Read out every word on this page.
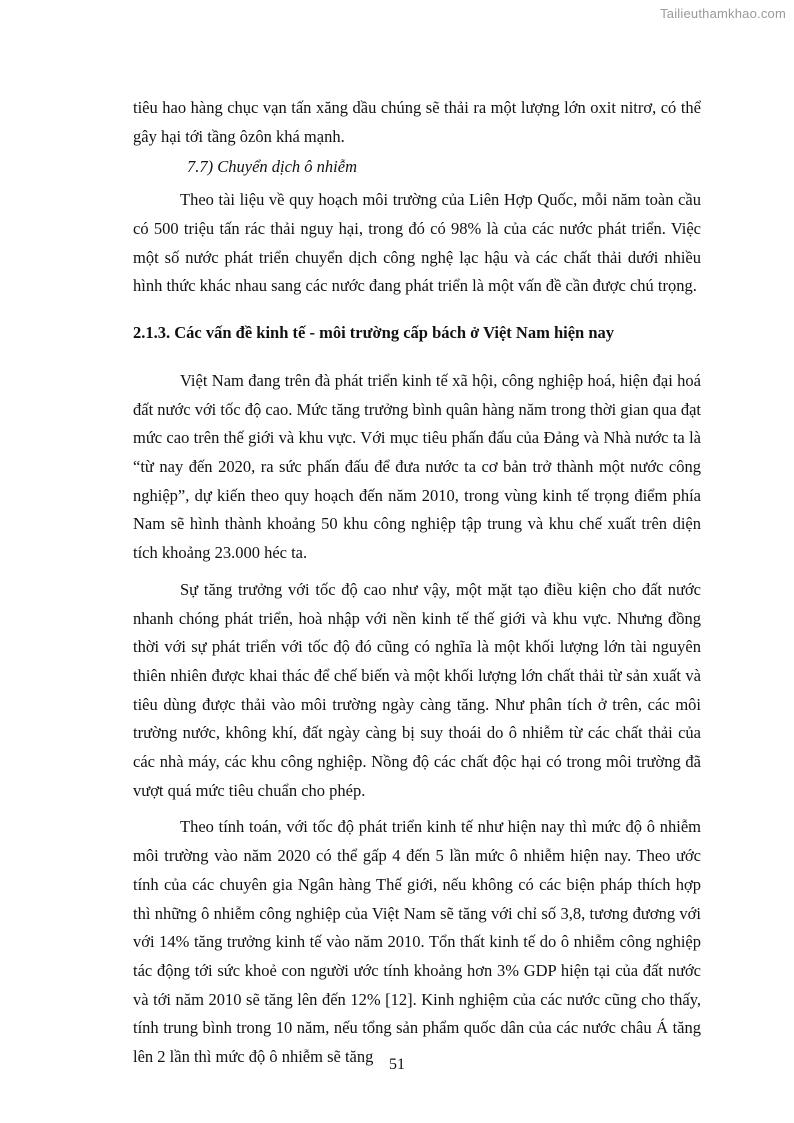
Tailieuthamkhao.com

tiêu hao hàng chục vạn tấn xăng dầu chúng sẽ thải ra một lượng lớn oxit nitrơ, có thể gây hại tới tầng ôzôn khá mạnh.

7.7) Chuyển dịch ô nhiễm

Theo tài liệu về quy hoạch môi trường của Liên Hợp Quốc, mỗi năm toàn cầu có 500 triệu tấn rác thải nguy hại, trong đó có 98% là của các nước phát triển. Việc một số nước phát triển chuyển dịch công nghệ lạc hậu và các chất thải dưới nhiều hình thức khác nhau sang các nước đang phát triển là một vấn đề cần được chú trọng.

2.1.3. Các vấn đề kinh tế - môi trường cấp bách ở Việt Nam hiện nay

Việt Nam đang trên đà phát triển kinh tế xã hội, công nghiệp hoá, hiện đại hoá đất nước với tốc độ cao. Mức tăng trưởng bình quân hàng năm trong thời gian qua đạt mức cao trên thế giới và khu vực. Với mục tiêu phấn đấu của Đảng và Nhà nước ta là “từ nay đến 2020, ra sức phấn đấu để đưa nước ta cơ bản trở thành một nước công nghiệp”, dự kiến theo quy hoạch đến năm 2010, trong vùng kinh tế trọng điểm phía Nam sẽ hình thành khoảng 50 khu công nghiệp tập trung và khu chế xuất trên diện tích khoảng 23.000 héc ta.

Sự tăng trưởng với tốc độ cao như vậy, một mặt tạo điều kiện cho đất nước nhanh chóng phát triển, hoà nhập với nền kinh tế thế giới và khu vực. Nhưng đồng thời với sự phát triển với tốc độ đó cũng có nghĩa là một khối lượng lớn tài nguyên thiên nhiên được khai thác để chế biến và một khối lượng lớn chất thải từ sản xuất và tiêu dùng được thải vào môi trường ngày càng tăng. Như phân tích ở trên, các môi trường nước, không khí, đất ngày càng bị suy thoái do ô nhiễm từ các chất thải của các nhà máy, các khu công nghiệp. Nồng độ các chất độc hại có trong môi trường đã vượt quá mức tiêu chuẩn cho phép.

Theo tính toán, với tốc độ phát triển kinh tế như hiện nay thì mức độ ô nhiễm môi trường vào năm 2020 có thể gấp 4 đến 5 lần mức ô nhiễm hiện nay. Theo ước tính của các chuyên gia Ngân hàng Thế giới, nếu không có các biện pháp thích hợp thì những ô nhiễm công nghiệp của Việt Nam sẽ tăng với chỉ số 3,8, tương đương với với 14% tăng trưởng kinh tế vào năm 2010. Tổn thất kinh tế do ô nhiễm công nghiệp tác động tới sức khoẻ con người ước tính khoảng hơn 3% GDP hiện tại của đất nước và tới năm 2010 sẽ tăng lên đến 12% [12]. Kinh nghiệm của các nước cũng cho thấy, tính trung bình trong 10 năm, nếu tổng sản phẩm quốc dân của các nước châu Á tăng lên 2 lần thì mức độ ô nhiễm sẽ tăng 51
